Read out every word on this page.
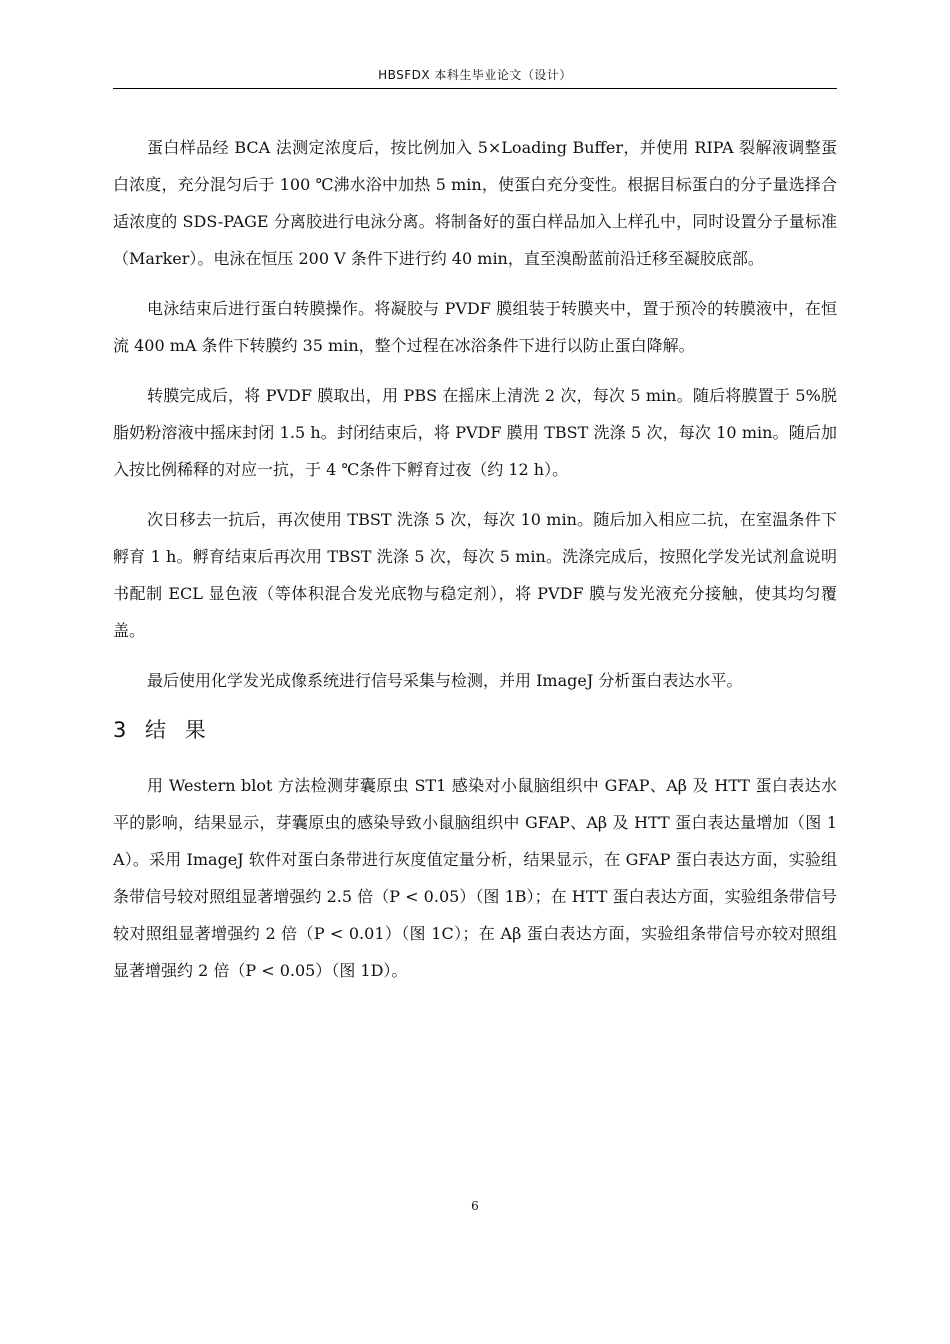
HBSFDX 本科生毕业论文（设计）

蛋白样品经 BCA 法测定浓度后，按比例加入 5×Loading Buffer，并使用 RIPA 裂解液调整蛋白浓度，充分混匀后于 100 ℃沸水浴中加热 5 min，使蛋白充分变性。根据目标蛋白的分子量选择合适浓度的 SDS-PAGE 分离胶进行电泳分离。将制备好的蛋白样品加入上样孔中，同时设置分子量标准（Marker）。电泳在恒压 200 V 条件下进行约 40 min，直至溴酚蓝前沿迁移至凝胶底部。

电泳结束后进行蛋白转膜操作。将凝胶与 PVDF 膜组装于转膜夹中，置于预冷的转膜液中，在恒流 400 mA 条件下转膜约 35 min，整个过程在冰浴条件下进行以防止蛋白降解。

转膜完成后，将 PVDF 膜取出，用 PBS 在摇床上清洗 2 次，每次 5 min。随后将膜置于 5%脱脂奶粉溶液中摇床封闭 1.5 h。封闭结束后，将 PVDF 膜用 TBST 洗涤 5 次，每次 10 min。随后加入按比例稀释的对应一抗，于 4 ℃条件下孵育过夜（约 12 h）。

次日移去一抗后，再次使用 TBST 洗涤 5 次，每次 10 min。随后加入相应二抗，在室温条件下孵育 1 h。孵育结束后再次用 TBST 洗涤 5 次，每次 5 min。洗涤完成后，按照化学发光试剂盒说明书配制 ECL 显色液（等体积混合发光底物与稳定剂），将 PVDF 膜与发光液充分接触，使其均匀覆盖。

最后使用化学发光成像系统进行信号采集与检测，并用 ImageJ 分析蛋白表达水平。

3 结 果

用 Western blot 方法检测芽囊原虫 ST1 感染对小鼠脑组织中 GFAP、Aβ 及 HTT 蛋白表达水平的影响，结果显示，芽囊原虫的感染导致小鼠脑组织中 GFAP、Aβ 及 HTT 蛋白表达量增加（图 1 A）。采用 ImageJ 软件对蛋白条带进行灰度值定量分析，结果显示，在 GFAP 蛋白表达方面，实验组条带信号较对照组显著增强约 2.5 倍（P < 0.05）（图 1B）；在 HTT 蛋白表达方面，实验组条带信号较对照组显著增强约 2 倍（P < 0.01）（图 1C）；在 Aβ 蛋白表达方面，实验组条带信号亦较对照组显著增强约 2 倍（P < 0.05）（图 1D）。

6
